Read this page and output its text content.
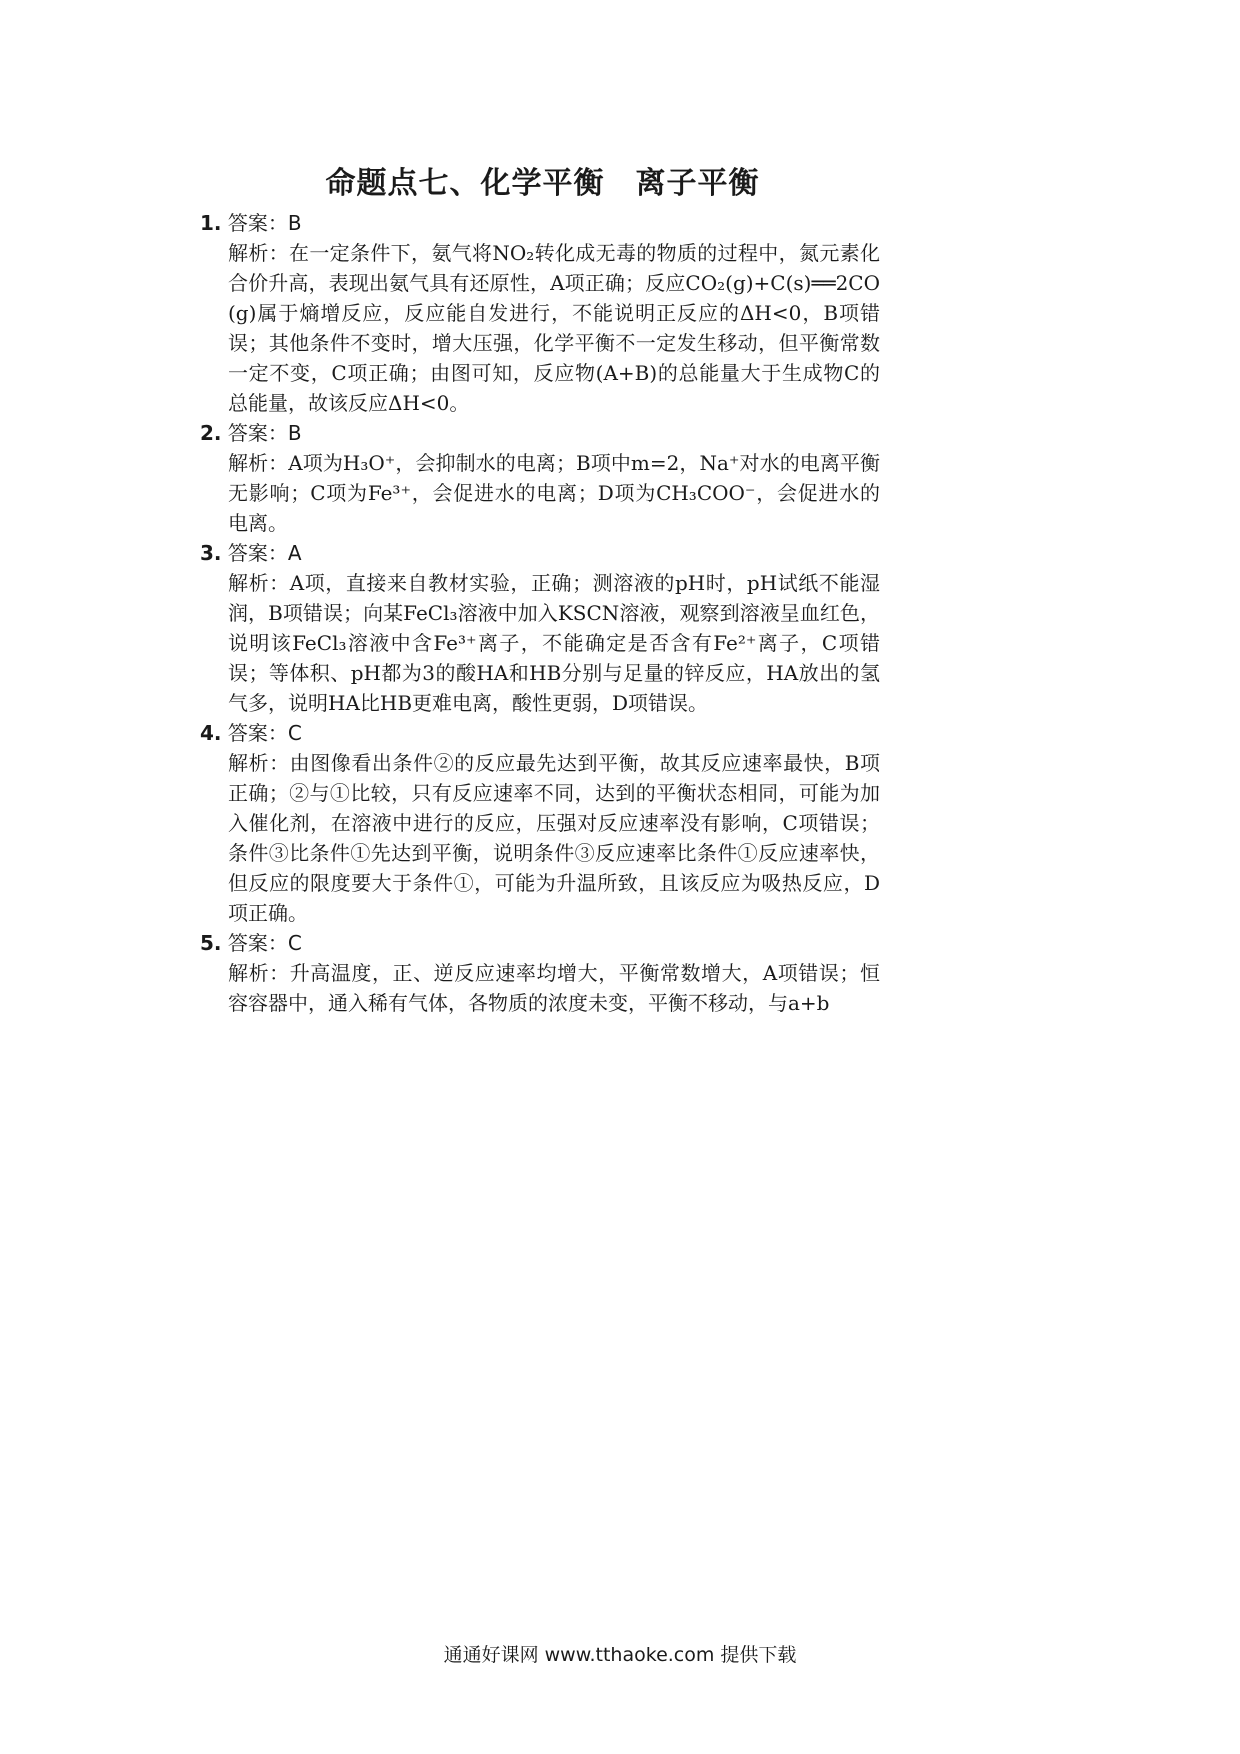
命题点七、化学平衡　离子平衡
1. 答案：B
解析：在一定条件下，氨气将NO₂转化成无毒的物质的过程中，氮元素化合价升高，表现出氨气具有还原性，A项正确；反应CO₂(g)+C(s)══2CO(g)属于熵增反应，反应能自发进行，不能说明正反应的ΔH<0，B项错误；其他条件不变时，增大压强，化学平衡不一定发生移动，但平衡常数一定不变，C项正确；由图可知，反应物(A+B)的总能量大于生成物C的总能量，故该反应ΔH<0。
2. 答案：B
解析：A项为H₃O⁺，会抑制水的电离；B项中m=2，Na⁺对水的电离平衡无影响；C项为Fe³⁺，会促进水的电离；D项为CH₃COO⁻，会促进水的电离。
3. 答案：A
解析：A项，直接来自教材实验，正确；测溶液的pH时，pH试纸不能湿润，B项错误；向某FeCl₃溶液中加入KSCN溶液，观察到溶液呈血红色，说明该FeCl₃溶液中含Fe³⁺离子，不能确定是否含有Fe²⁺离子，C项错误；等体积、pH都为3的酸HA和HB分别与足量的锌反应，HA放出的氢气多，说明HA比HB更难电离，酸性更弱，D项错误。
4. 答案：C
解析：由图像看出条件②的反应最先达到平衡，故其反应速率最快，B项正确；②与①比较，只有反应速率不同，达到的平衡状态相同，可能为加入催化剂，在溶液中进行的反应，压强对反应速率没有影响，C项错误；条件③比条件①先达到平衡，说明条件③反应速率比条件①反应速率快，但反应的限度要大于条件①，可能为升温所致，且该反应为吸热反应，D项正确。
5. 答案：C
解析：升高温度，正、逆反应速率均增大，平衡常数增大，A项错误；恒容容器中，通入稀有气体，各物质的浓度未变，平衡不移动，与a+b
通通好课网 www.tthaoke.com 提供下载
